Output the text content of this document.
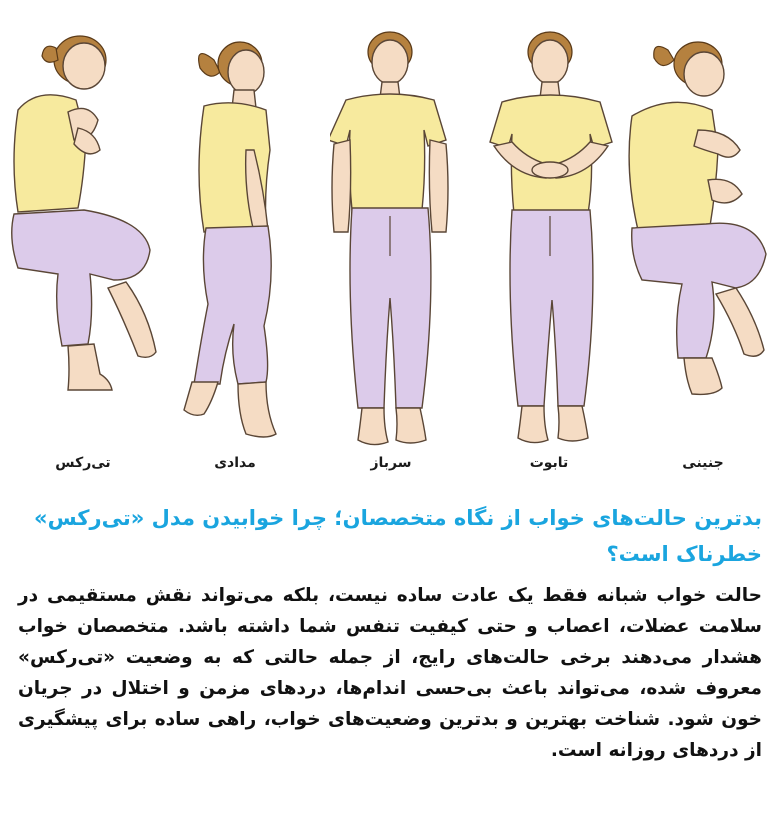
تی‌رکس	مدادی	سرباز	تابوت	جنینی
بدترین حالت‌های خواب از نگاه متخصصان؛ چرا خوابیدن مدل «تی‌رکس» خطرناک است؟

حالت خواب شبانه فقط یک عادت ساده نیست، بلکه می‌تواند نقش مستقیمی در سلامت عضلات، اعصاب و حتی کیفیت تنفس شما داشته باشد. متخصصان خواب هشدار می‌دهند برخی حالت‌های رایج، از جمله حالتی که به وضعیت «تی‌رکس» معروف شده، می‌تواند باعث بی‌حسی اندام‌ها، دردهای مزمن و اختلال در جریان خون شود. شناخت بهترین و بدترین وضعیت‌های خواب، راهی ساده برای پیشگیری از دردهای روزانه است.
